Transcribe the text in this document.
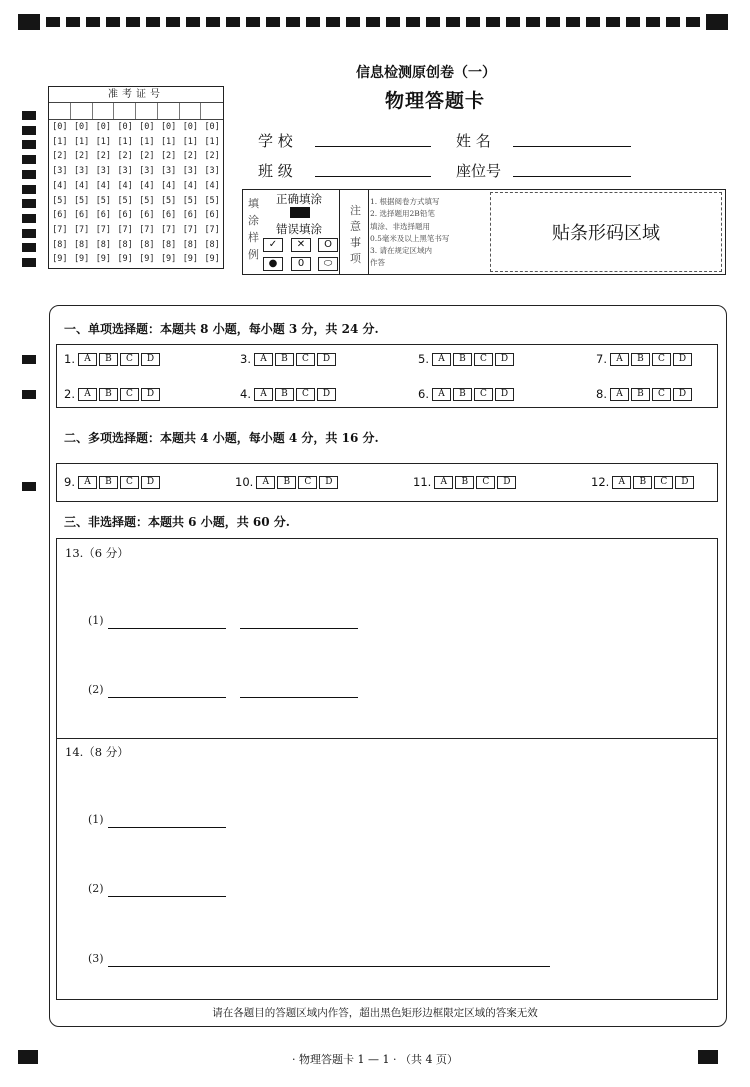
信息检测原创卷（一）
物理答题卡
学 校	姓 名
班 级	座位号
准考证号
[0] [0] [0] [0] [0] [0] [0] [0]
[1] [1] [1] [1] [1] [1] [1] [1]
[2] [2] [2] [2] [2] [2] [2] [2]
[3] [3] [3] [3] [3] [3] [3] [3]
[4] [4] [4] [4] [4] [4] [4] [4]
[5] [5] [5] [5] [5] [5] [5] [5]
[6] [6] [6] [6] [6] [6] [6] [6]
[7] [7] [7] [7] [7] [7] [7] [7]
[8] [8] [8] [8] [8] [8] [8] [8]
[9] [9] [9] [9] [9] [9] [9] [9]
填
涂
样
例
正确填涂
错误填涂
✓	✕	Ο
●	0	⬭
注
意
事
项
1. 根据阅卷方式填写
2. 选择题用2B铅笔
填涂、非选择题用
0.5毫米及以上黑笔书写
3. 请在规定区域内
作答
贴条形码区域
一、单项选择题：本题共 8 小题，每小题 3 分，共 24 分.
1.	A	B	C	D	3.	A	B	C	D	5.	A	B	C	D	7.	A	B	C	D
2.	A	B	C	D	4.	A	B	C	D	6.	A	B	C	D	8.	A	B	C	D
二、多项选择题：本题共 4 小题，每小题 4 分，共 16 分.
9.	A	B	C	D	10.	A	B	C	D	11.	A	B	C	D	12.	A	B	C	D
三、非选择题：本题共 6 小题，共 60 分.
13.（6 分）
(1)
(2)
14.（8 分）
(1)
(2)
(3)
请在各题目的答题区域内作答，超出黑色矩形边框限定区域的答案无效
· 物理答题卡 1 — 1 · （共 4 页）
